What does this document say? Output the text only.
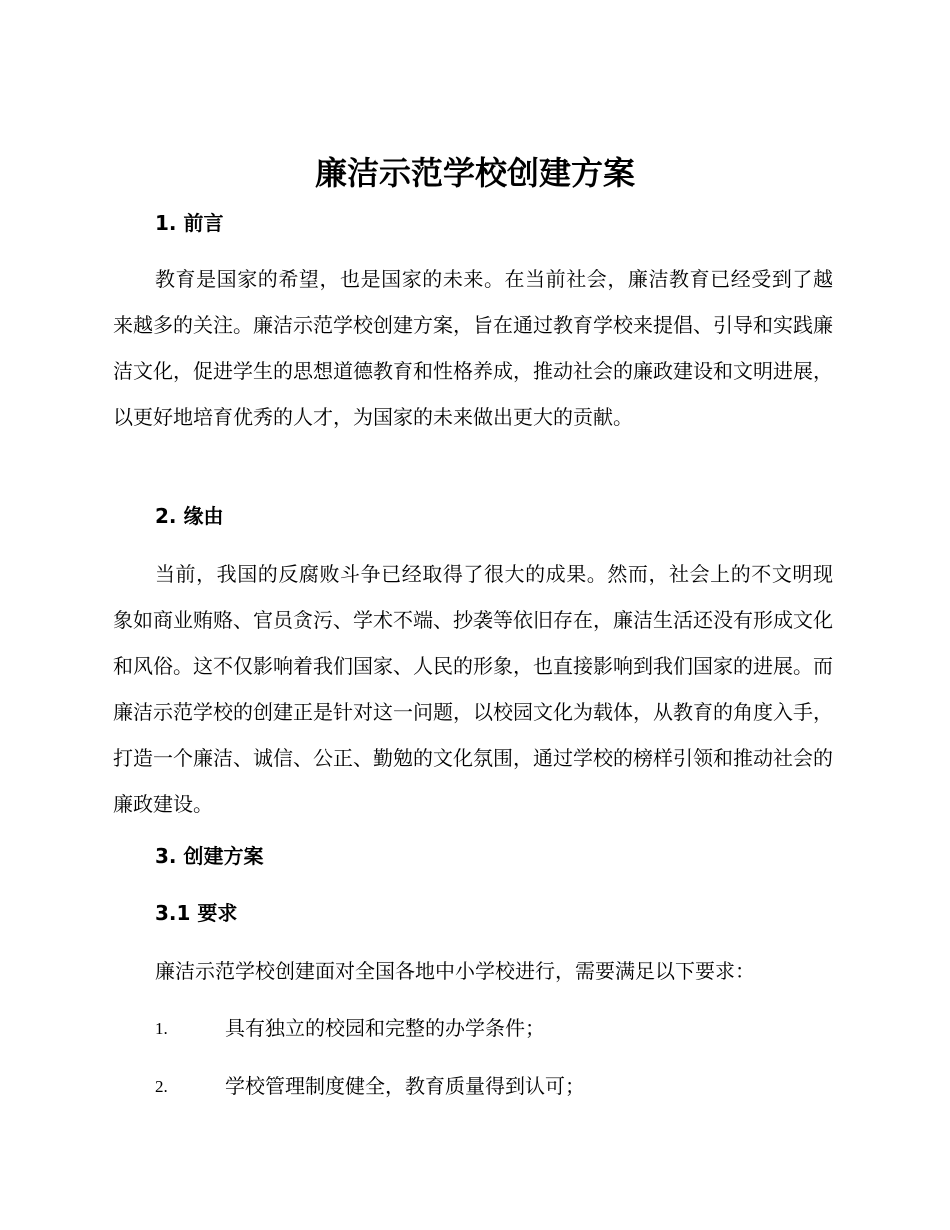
廉洁示范学校创建方案
1. 前言

教育是国家的希望，也是国家的未来。在当前社会，廉洁教育已经受到了越来越多的关注。廉洁示范学校创建方案，旨在通过教育学校来提倡、引导和实践廉洁文化，促进学生的思想道德教育和性格养成，推动社会的廉政建设和文明进展，以更好地培育优秀的人才，为国家的未来做出更大的贡献。

2. 缘由

当前，我国的反腐败斗争已经取得了很大的成果。然而，社会上的不文明现象如商业贿赂、官员贪污、学术不端、抄袭等依旧存在，廉洁生活还没有形成文化和风俗。这不仅影响着我们国家、人民的形象，也直接影响到我们国家的进展。而廉洁示范学校的创建正是针对这一问题，以校园文化为载体，从教育的角度入手，打造一个廉洁、诚信、公正、勤勉的文化氛围，通过学校的榜样引领和推动社会的廉政建设。

3. 创建方案
3.1 要求
廉洁示范学校创建面对全国各地中小学校进行，需要满足以下要求：
1.	具有独立的校园和完整的办学条件；
2.	学校管理制度健全，教育质量得到认可；
